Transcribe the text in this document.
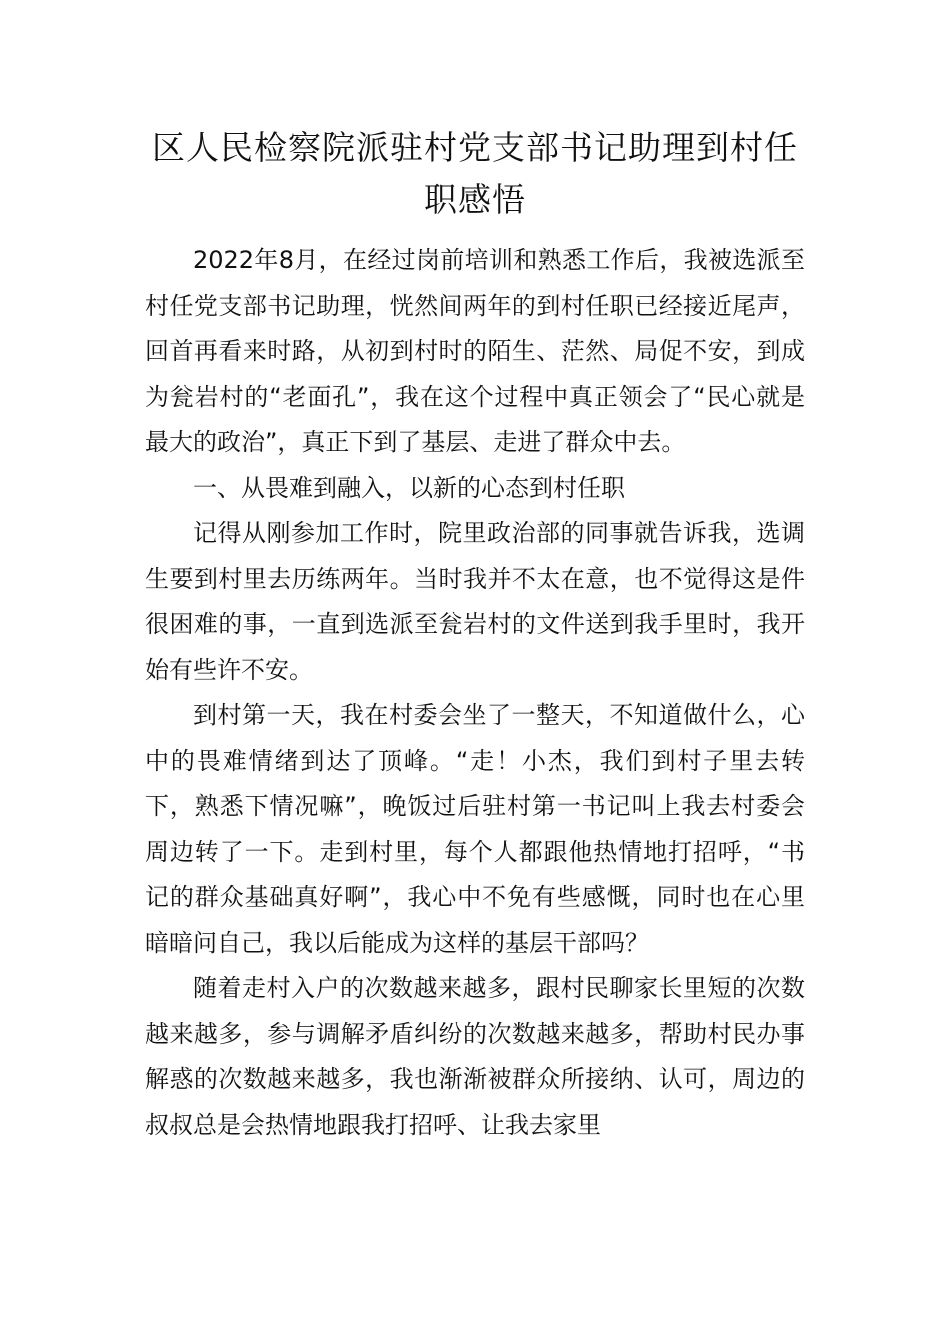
区人民检察院派驻村党支部书记助理到村任职感悟

2022年8月，在经过岗前培训和熟悉工作后，我被选派至村任党支部书记助理，恍然间两年的到村任职已经接近尾声，回首再看来时路，从初到村时的陌生、茫然、局促不安，到成为瓮岩村的“老面孔”，我在这个过程中真正领会了“民心就是最大的政治”，真正下到了基层、走进了群众中去。

一、从畏难到融入，以新的心态到村任职

记得从刚参加工作时，院里政治部的同事就告诉我，选调生要到村里去历练两年。当时我并不太在意，也不觉得这是件很困难的事，一直到选派至瓮岩村的文件送到我手里时，我开始有些许不安。

到村第一天，我在村委会坐了一整天，不知道做什么，心中的畏难情绪到达了顶峰。“走！小杰，我们到村子里去转下，熟悉下情况嘛”，晚饭过后驻村第一书记叫上我去村委会周边转了一下。走到村里，每个人都跟他热情地打招呼，“书记的群众基础真好啊”，我心中不免有些感慨，同时也在心里暗暗问自己，我以后能成为这样的基层干部吗？

随着走村入户的次数越来越多，跟村民聊家长里短的次数越来越多，参与调解矛盾纠纷的次数越来越多，帮助村民办事解惑的次数越来越多，我也渐渐被群众所接纳、认可，周边的叔叔总是会热情地跟我打招呼、让我去家里
